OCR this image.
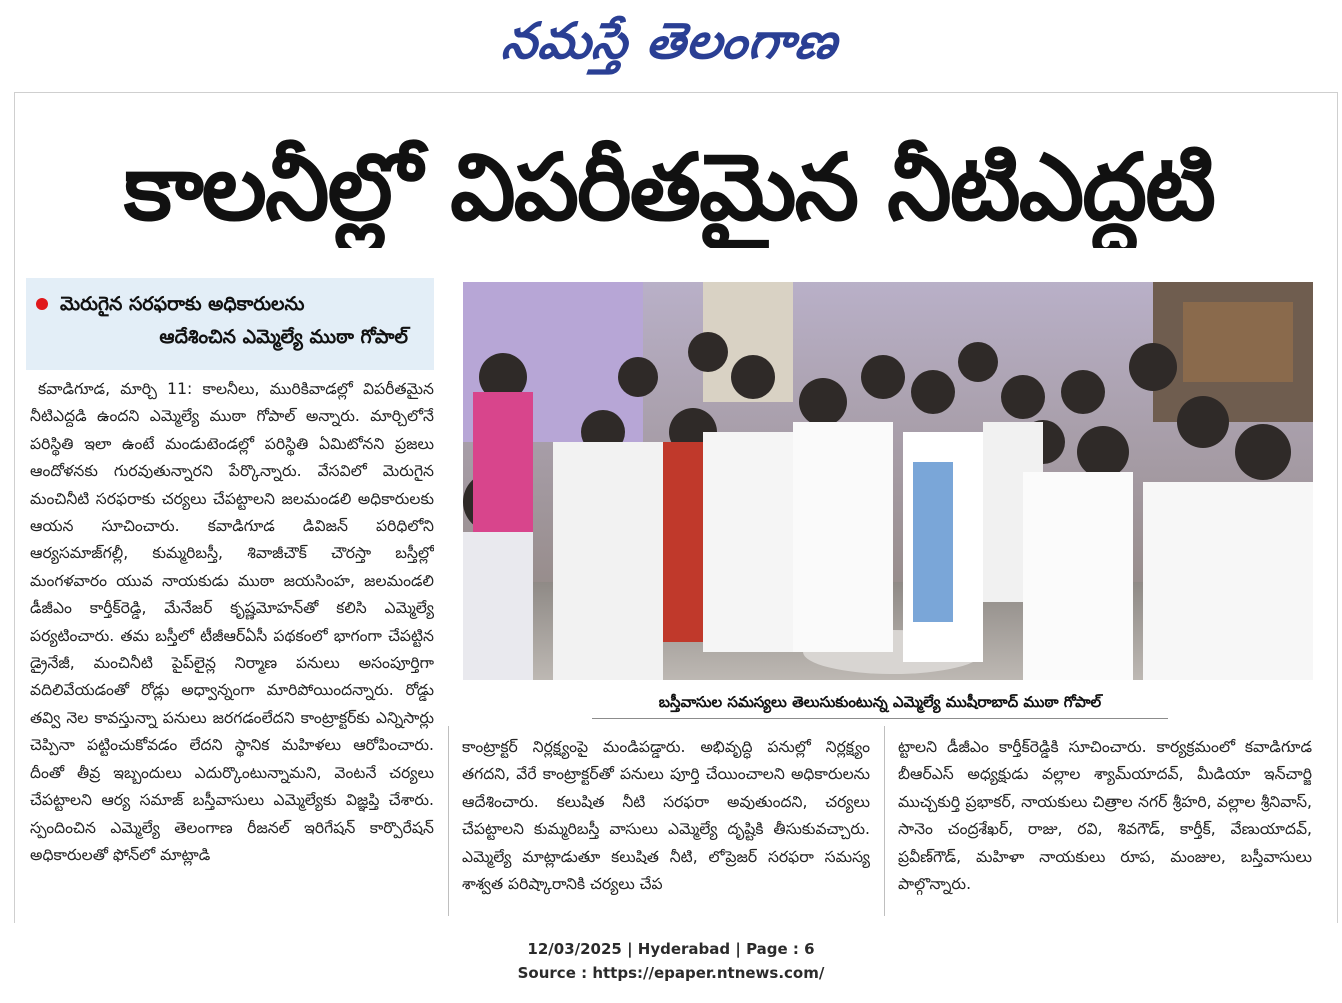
నమస్తే తెలంగాణ
కాలనీల్లో విపరీతమైన నీటిఎద్దటి
మెరుగైన సరఫరాకు అధికారులను
ఆదేశించిన ఎమ్మెల్యే ముఠా గోపాల్
కవాడిగూడ, మార్చి 11: కాలనీలు, మురికివాడల్లో విపరీతమైన నీటిఎద్దడి ఉందని ఎమ్మెల్యే ముఠా గోపాల్ అన్నారు. మార్చిలోనే పరిస్థితి ఇలా ఉంటే మండుటెండల్లో పరిస్థితి ఏమిటోనని ప్రజలు ఆందోళనకు గురవుతున్నారని పేర్కొన్నారు. వేసవిలో మెరుగైన మంచినీటి సరఫరాకు చర్యలు చేపట్టాలని జలమండలి అధికారులకు ఆయన సూచించారు. కవాడిగూడ డివిజన్ పరిధిలోని ఆర్యసమాజ్‌గల్లీ, కుమ్మరిబస్తీ, శివాజీచౌక్ చౌరస్తా బస్తీల్లో మంగళవారం యువ నాయకుడు ముఠా జయసింహ, జలమండలి డీజీఎం కార్తీక్‌రెడ్డి, మేనేజర్ కృష్ణమోహన్‌తో కలిసి ఎమ్మెల్యే పర్యటించారు. తమ బస్తీలో టీజీఆర్‌ఏసీ పథకంలో భాగంగా చేపట్టిన డ్రైనేజీ, మంచినీటి పైప్‌లైన్ల నిర్మాణ పనులు అసంపూర్తిగా వదిలివేయడంతో రోడ్లు అధ్వాన్నంగా మారిపోయిందన్నారు. రోడ్డు తవ్వి నెల కావస్తున్నా పనులు జరగడంలేదని కాంట్రాక్టర్‌కు ఎన్నిసార్లు చెప్పినా పట్టించుకోవడం లేదని స్థానిక మహిళలు ఆరోపించారు. దీంతో తీవ్ర ఇబ్బందులు ఎదుర్కొంటున్నామని, వెంటనే చర్యలు చేపట్టాలని ఆర్య సమాజ్ బస్తీవాసులు ఎమ్మెల్యేకు విజ్ఞప్తి చేశారు. స్పందించిన ఎమ్మెల్యే తెలంగాణ రీజనల్ ఇరిగేషన్ కార్పొరేషన్ అధికారులతో ఫోన్‌లో మాట్లాడి
బస్తీవాసుల సమస్యలు తెలుసుకుంటున్న ఎమ్మెల్యే ముషీరాబాద్ ముఠా గోపాల్
కాంట్రాక్టర్ నిర్లక్ష్యంపై మండిపడ్డారు. అభివృద్ధి పనుల్లో నిర్లక్ష్యం తగదని, వేరే కాంట్రాక్టర్‌తో పనులు పూర్తి చేయించాలని అధికారులను ఆదేశించారు. కలుషిత నీటి సరఫరా అవుతుందని, చర్యలు చేపట్టాలని కుమ్మరిబస్తీ వాసులు ఎమ్మెల్యే దృష్టికి తీసుకువచ్చారు. ఎమ్మెల్యే మాట్లాడుతూ కలుషిత నీటి, లోప్రెజర్ సరఫరా సమస్య శాశ్వత పరిష్కారానికి చర్యలు చేప
ట్టాలని డీజీఎం కార్తీక్‌రెడ్డికి సూచించారు. కార్యక్రమంలో కవాడిగూడ బీఆర్‌ఎస్ అధ్యక్షుడు వల్లాల శ్యామ్‌యాదవ్, మీడియా ఇన్‌చార్జి ముచ్చకుర్తి ప్రభాకర్, నాయకులు చిత్రాల నగర్ శ్రీహరి, వల్లాల శ్రీనివాస్, సానెం చంద్రశేఖర్, రాజు, రవి, శివగౌడ్, కార్తీక్, వేణుయాదవ్, ప్రవీణ్‌గౌడ్, మహిళా నాయకులు రూప, మంజుల, బస్తీవాసులు పాల్గొన్నారు.
12/03/2025 | Hyderabad | Page : 6
Source : https://epaper.ntnews.com/
